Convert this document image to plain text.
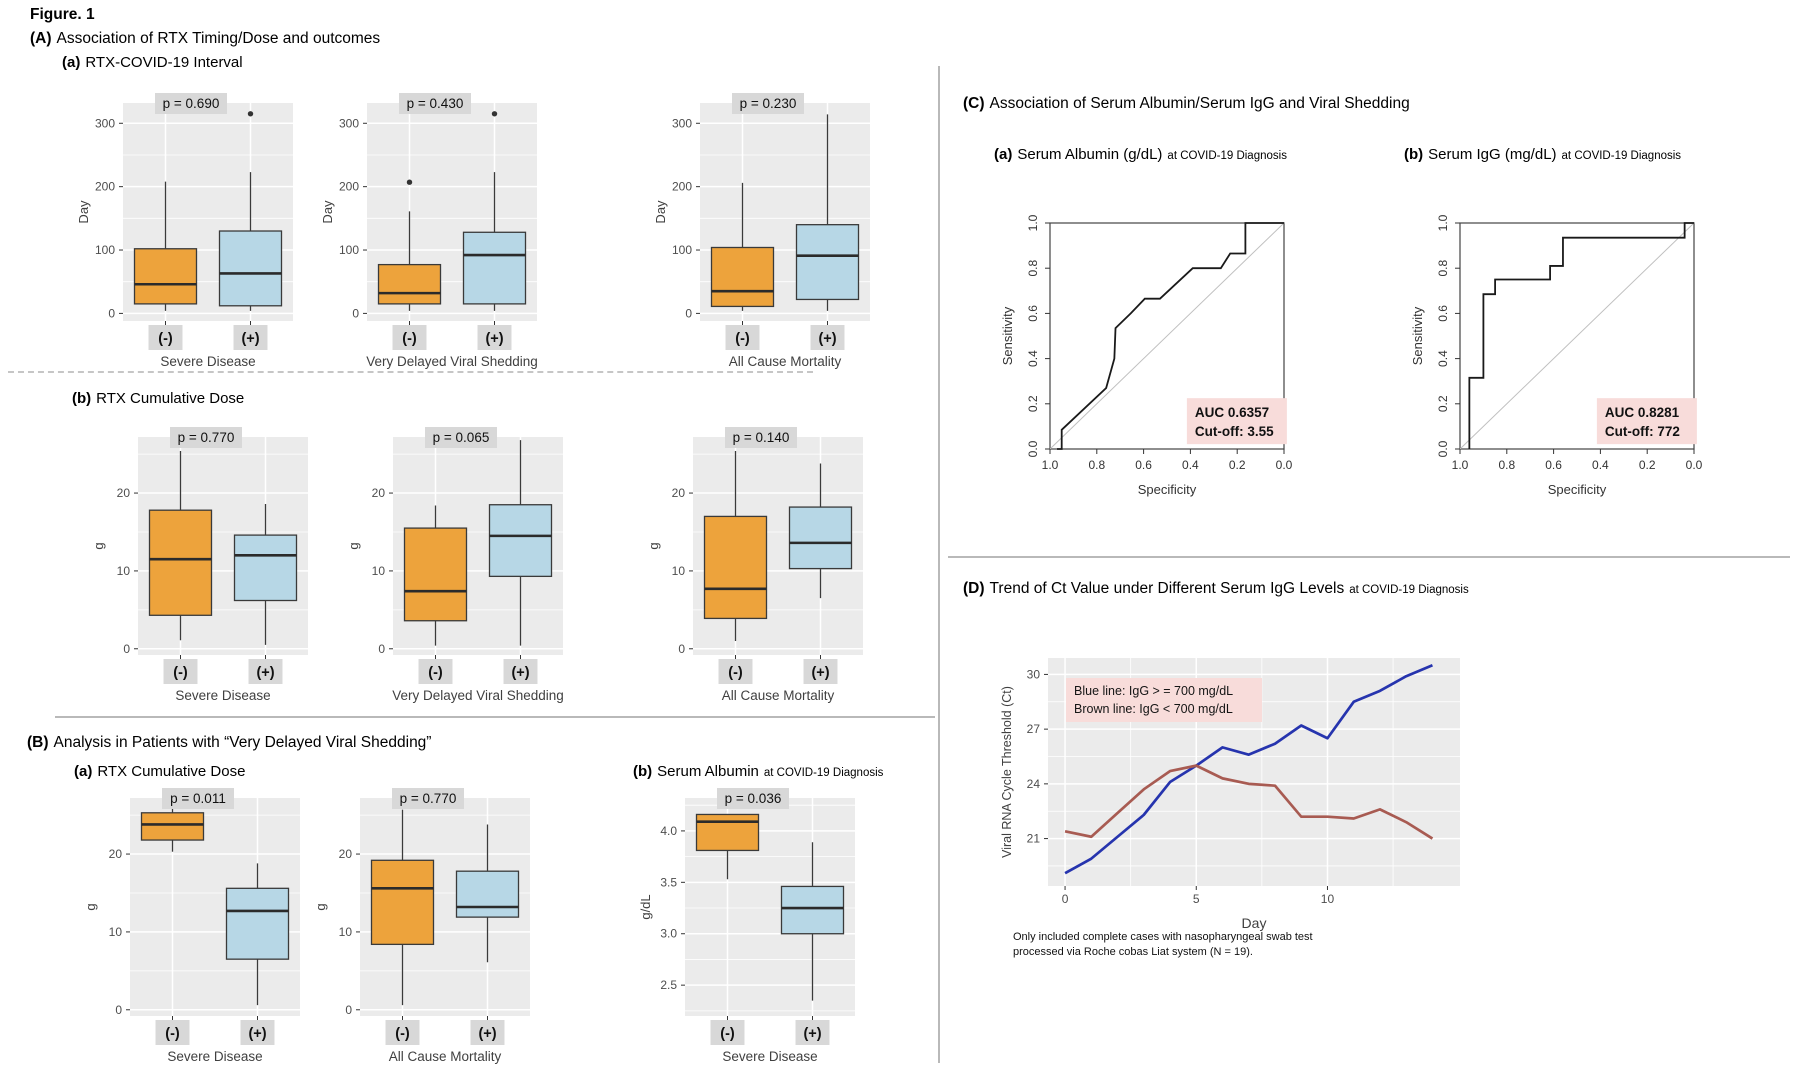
Figure. 1
(A) Association of RTX Timing/Dose and outcomes
(a) RTX-COVID-19 Interval
(b) RTX Cumulative Dose
(B) Analysis in Patients with “Very Delayed Viral Shedding”
(a) RTX Cumulative Dose	(b) Serum Albumin at COVID-19 Diagnosis
(C) Association of Serum Albumin/Serum IgG and Viral Shedding
(a) Serum Albumin (g/dL) at COVID-19 Diagnosis	(b) Serum IgG (mg/dL) at COVID-19 Diagnosis
(D) Trend of Ct Value under Different Serum IgG Levels at COVID-19 Diagnosis
0
100
200
300
(-)	(+)
p = 0.690
Severe Disease
Day
0
100
200
300
(-)	(+)
p = 0.430
Very Delayed Viral Shedding
Day
0
100
200
300
(-)	(+)
p = 0.230
All Cause Mortality
Day
0
10
20
(-)	(+)
p = 0.770
Severe Disease
g
0
10
20
(-)	(+)
p = 0.065
Very Delayed Viral Shedding
g
0
10
20
(-)	(+)
p = 0.140
All Cause Mortality
g
0
10
20
(-)	(+)
p = 0.011
Severe Disease
g
0
10
20
(-)	(+)
p = 0.770
All Cause Mortality
g
2.5
3.0
3.5
4.0
(-)	(+)
p = 0.036
Severe Disease
g/dL
1.0
0.0
0.8
0.2
0.6
0.4
0.4
0.6
0.2
0.8
0.0
1.0
AUC 0.6357
Cut-off: 3.55
Specificity
Sensitivity
1.0
0.0
0.8
0.2
0.6
0.4
0.4
0.6
0.2
0.8
0.0
1.0
AUC 0.8281
Cut-off: 772
Specificity
Sensitivity
21
24
27
30
0	5	10
Blue line: IgG > = 700 mg/dL
Brown line: IgG < 700 mg/dL
Day
Viral RNA Cycle Threshold (Ct)
Only included complete cases with nasopharyngeal swab test processed via Roche cobas Liat system (N = 19).
